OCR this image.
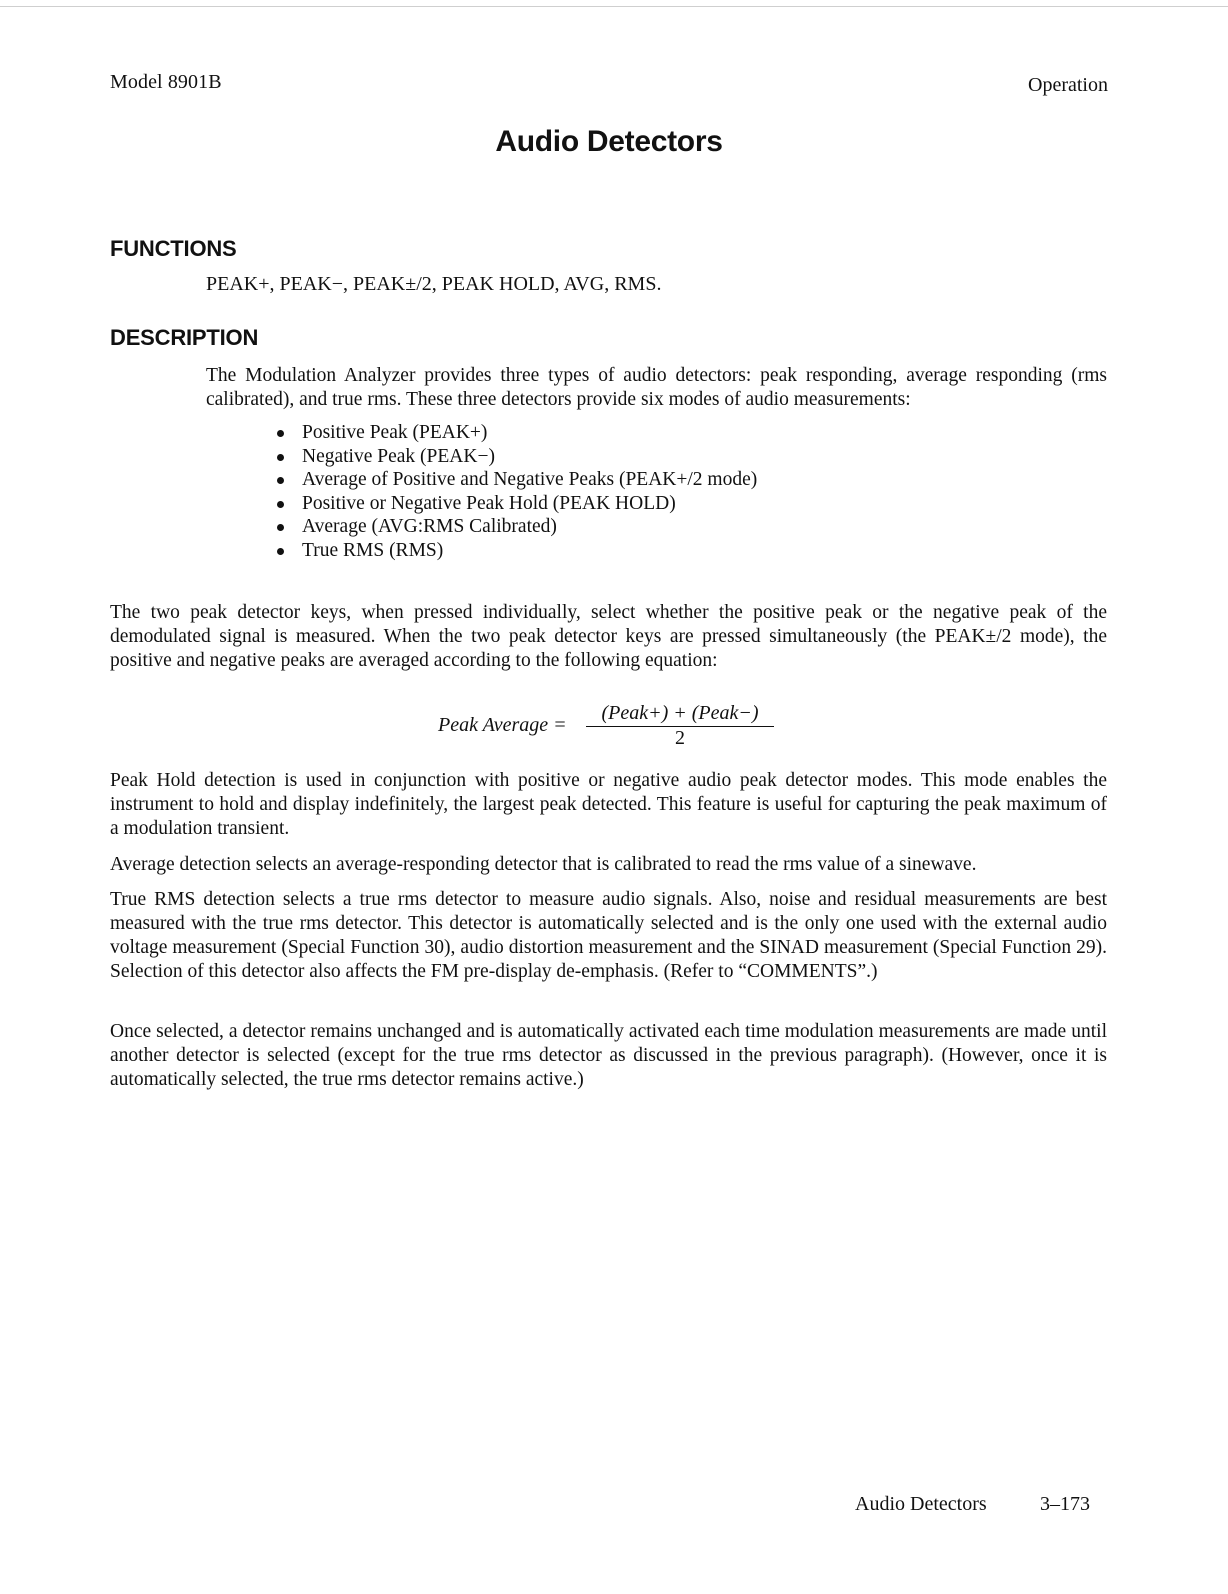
Model 8901B	Operation
Audio Detectors
FUNCTIONS
PEAK+, PEAK−, PEAK±/2, PEAK HOLD, AVG, RMS.
DESCRIPTION

The Modulation Analyzer provides three types of audio detectors: peak responding, average responding (rms calibrated), and true rms. These three detectors provide six modes of audio measurements:

Positive Peak (PEAK+)
Negative Peak (PEAK−)
Average of Positive and Negative Peaks (PEAK+/2 mode)
Positive or Negative Peak Hold (PEAK HOLD)
Average (AVG:RMS Calibrated)
True RMS (RMS)

The two peak detector keys, when pressed individually, select whether the positive peak or the negative peak of the demodulated signal is measured. When the two peak detector keys are pressed simultaneously (the PEAK±/2 mode), the positive and negative peaks are averaged according to the following equation:

Peak Average =
(Peak+) + (Peak−)
2

Peak Hold detection is used in conjunction with positive or negative audio peak detector modes. This mode enables the instrument to hold and display indefinitely, the largest peak detected. This feature is useful for capturing the peak maximum of a modulation transient.

Average detection selects an average-responding detector that is calibrated to read the rms value of a sinewave.

True RMS detection selects a true rms detector to measure audio signals. Also, noise and residual measurements are best measured with the true rms detector. This detector is automatically selected and is the only one used with the external audio voltage measurement (Special Function 30), audio distortion measurement and the SINAD measurement (Special Function 29). Selection of this detector also affects the FM pre-display de-emphasis. (Refer to “COMMENTS”.)

Once selected, a detector remains unchanged and is automatically activated each time modulation measurements are made until another detector is selected (except for the true rms detector as discussed in the previous paragraph). (However, once it is automatically selected, the true rms detector remains active.)

Audio Detectors	3–173
